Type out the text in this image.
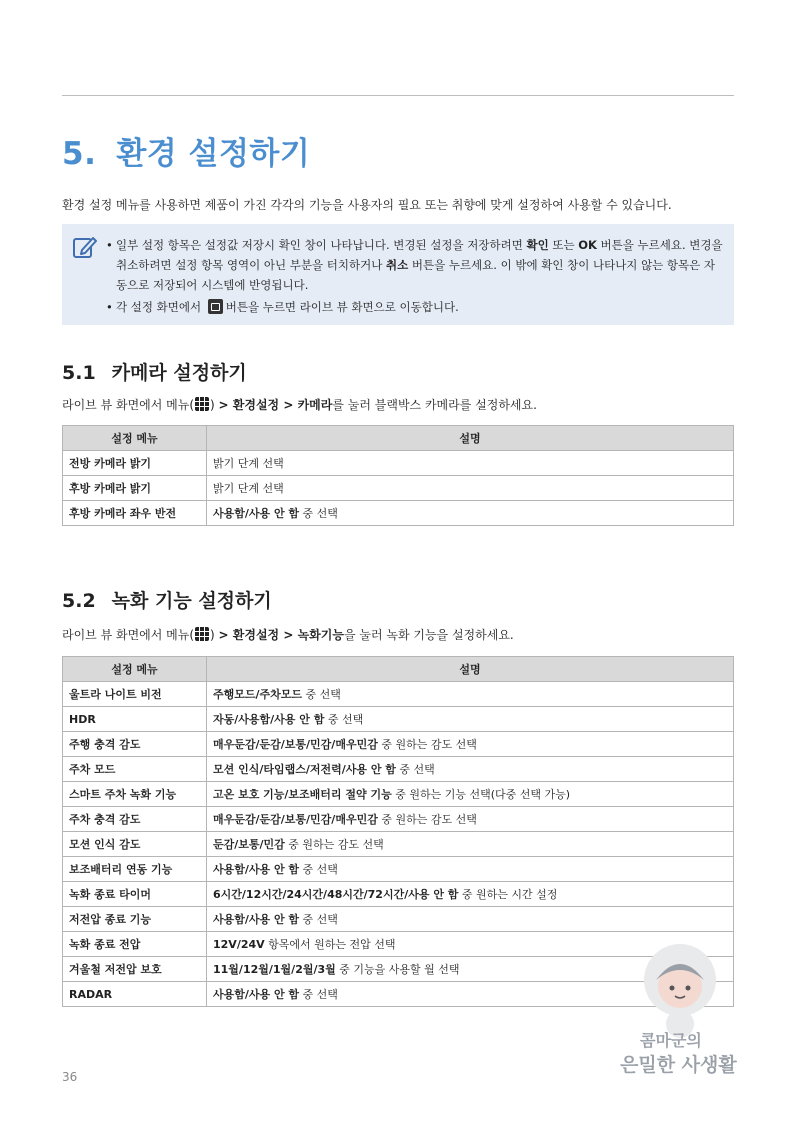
5. 환경 설정하기

환경 설정 메뉴를 사용하면 제품이 가진 각각의 기능을 사용자의 필요 또는 취향에 맞게 설정하여 사용할 수 있습니다.

• 일부 설정 항목은 설정값 저장시 확인 창이 나타납니다. 변경된 설정을 저장하려면 확인 또는 OK 버튼을 누르세요. 변경을 취소하려면 설정 항목 영역이 아닌 부분을 터치하거나 취소 버튼을 누르세요. 이 밖에 확인 창이 나타나지 않는 항목은 자동으로 저장되어 시스템에 반영됩니다.
• 각 설정 화면에서 버튼을 누르면 라이브 뷰 화면으로 이동합니다.
5.1 카메라 설정하기

라이브 뷰 화면에서 메뉴( ) > 환경설정 > 카메라를 눌러 블랙박스 카메라를 설정하세요.

설정 메뉴	설명
전방 카메라 밝기	밝기 단계 선택
후방 카메라 밝기	밝기 단계 선택
후방 카메라 좌우 반전	사용함/사용 안 함 중 선택
5.2 녹화 기능 설정하기

라이브 뷰 화면에서 메뉴( ) > 환경설정 > 녹화기능을 눌러 녹화 기능을 설정하세요.

설정 메뉴	설명
울트라 나이트 비전	주행모드/주차모드 중 선택
HDR	자동/사용함/사용 안 함 중 선택
주행 충격 감도	매우둔감/둔감/보통/민감/매우민감 중 원하는 감도 선택
주차 모드	모션 인식/타임랩스/저전력/사용 안 함 중 선택
스마트 주차 녹화 기능	고온 보호 기능/보조배터리 절약 기능 중 원하는 기능 선택(다중 선택 가능)
주차 충격 감도	매우둔감/둔감/보통/민감/매우민감 중 원하는 감도 선택
모션 인식 감도	둔감/보통/민감 중 원하는 감도 선택
보조배터리 연동 기능	사용함/사용 안 함 중 선택
녹화 종료 타이머	6시간/12시간/24시간/48시간/72시간/사용 안 함 중 원하는 시간 설정
저전압 종료 기능	사용함/사용 안 함 중 선택
녹화 종료 전압	12V/24V 항목에서 원하는 전압 선택
겨울철 저전압 보호	11월/12월/1월/2월/3월 중 기능을 사용할 월 선택
RADAR	사용함/사용 안 함 중 선택
콤마군의
은밀한 사생활
36
